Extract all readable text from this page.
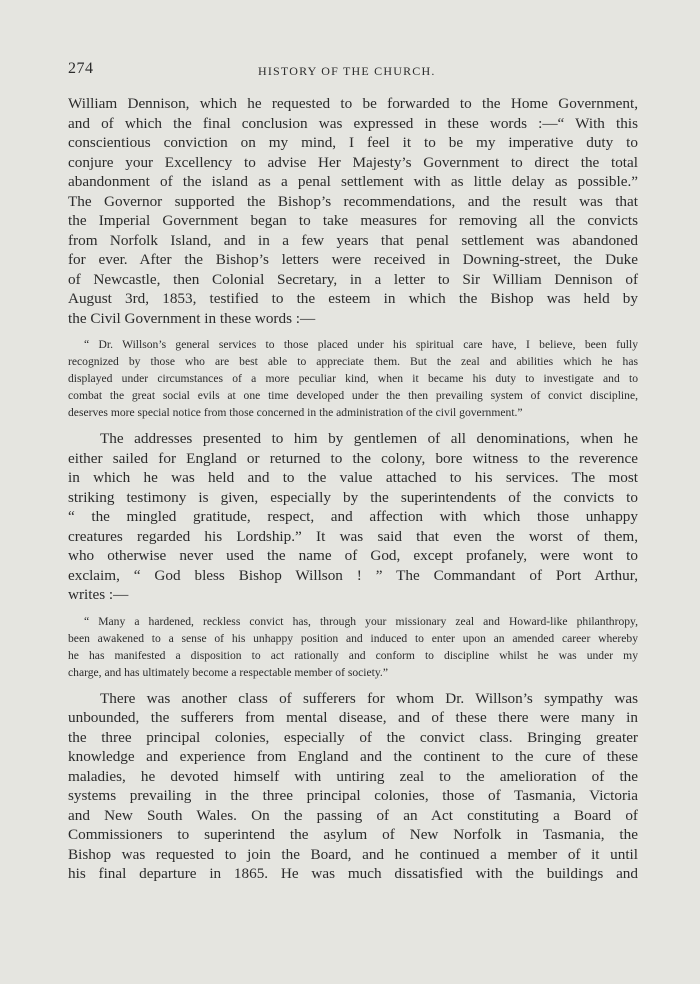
274	HISTORY OF THE CHURCH.
William Dennison, which he requested to be forwarded to the Home Government,
and of which the final conclusion was expressed in these words :—“ With this
conscientious conviction on my mind, I feel it to be my imperative duty to
conjure your Excellency to advise Her Majesty’s Government to direct the total
abandonment of the island as a penal settlement with as little delay as possible.”
The Governor supported the Bishop’s recommendations, and the result was that
the Imperial Government began to take measures for removing all the convicts
from Norfolk Island, and in a few years that penal settlement was abandoned
for ever. After the Bishop’s letters were received in Downing-street, the Duke
of Newcastle, then Colonial Secretary, in a letter to Sir William Dennison of
August 3rd, 1853, testified to the esteem in which the Bishop was held by
the Civil Government in these words :—
“ Dr. Willson’s general services to those placed under his spiritual care have, I believe, been fully
recognized by those who are best able to appreciate them. But the zeal and abilities which he has
displayed under circumstances of a more peculiar kind, when it became his duty to investigate and to
combat the great social evils at one time developed under the then prevailing system of convict discipline,
deserves more special notice from those concerned in the administration of the civil government.”
The addresses presented to him by gentlemen of all denominations, when he
either sailed for England or returned to the colony, bore witness to the reverence
in which he was held and to the value attached to his services. The most
striking testimony is given, especially by the superintendents of the convicts to
“ the mingled gratitude, respect, and affection with which those unhappy
creatures regarded his Lordship.” It was said that even the worst of them,
who otherwise never used the name of God, except profanely, were wont to
exclaim, “ God bless Bishop Willson ! ” The Commandant of Port Arthur,
writes :—
“ Many a hardened, reckless convict has, through your missionary zeal and Howard-like philanthropy,
been awakened to a sense of his unhappy position and induced to enter upon an amended career whereby
he has manifested a disposition to act rationally and conform to discipline whilst he was under my
charge, and has ultimately become a respectable member of society.”
There was another class of sufferers for whom Dr. Willson’s sympathy was
unbounded, the sufferers from mental disease, and of these there were many in
the three principal colonies, especially of the convict class. Bringing greater
knowledge and experience from England and the continent to the cure of these
maladies, he devoted himself with untiring zeal to the amelioration of the
systems prevailing in the three principal colonies, those of Tasmania, Victoria
and New South Wales. On the passing of an Act constituting a Board of
Commissioners to superintend the asylum of New Norfolk in Tasmania, the
Bishop was requested to join the Board, and he continued a member of it until
his final departure in 1865. He was much dissatisfied with the buildings and
